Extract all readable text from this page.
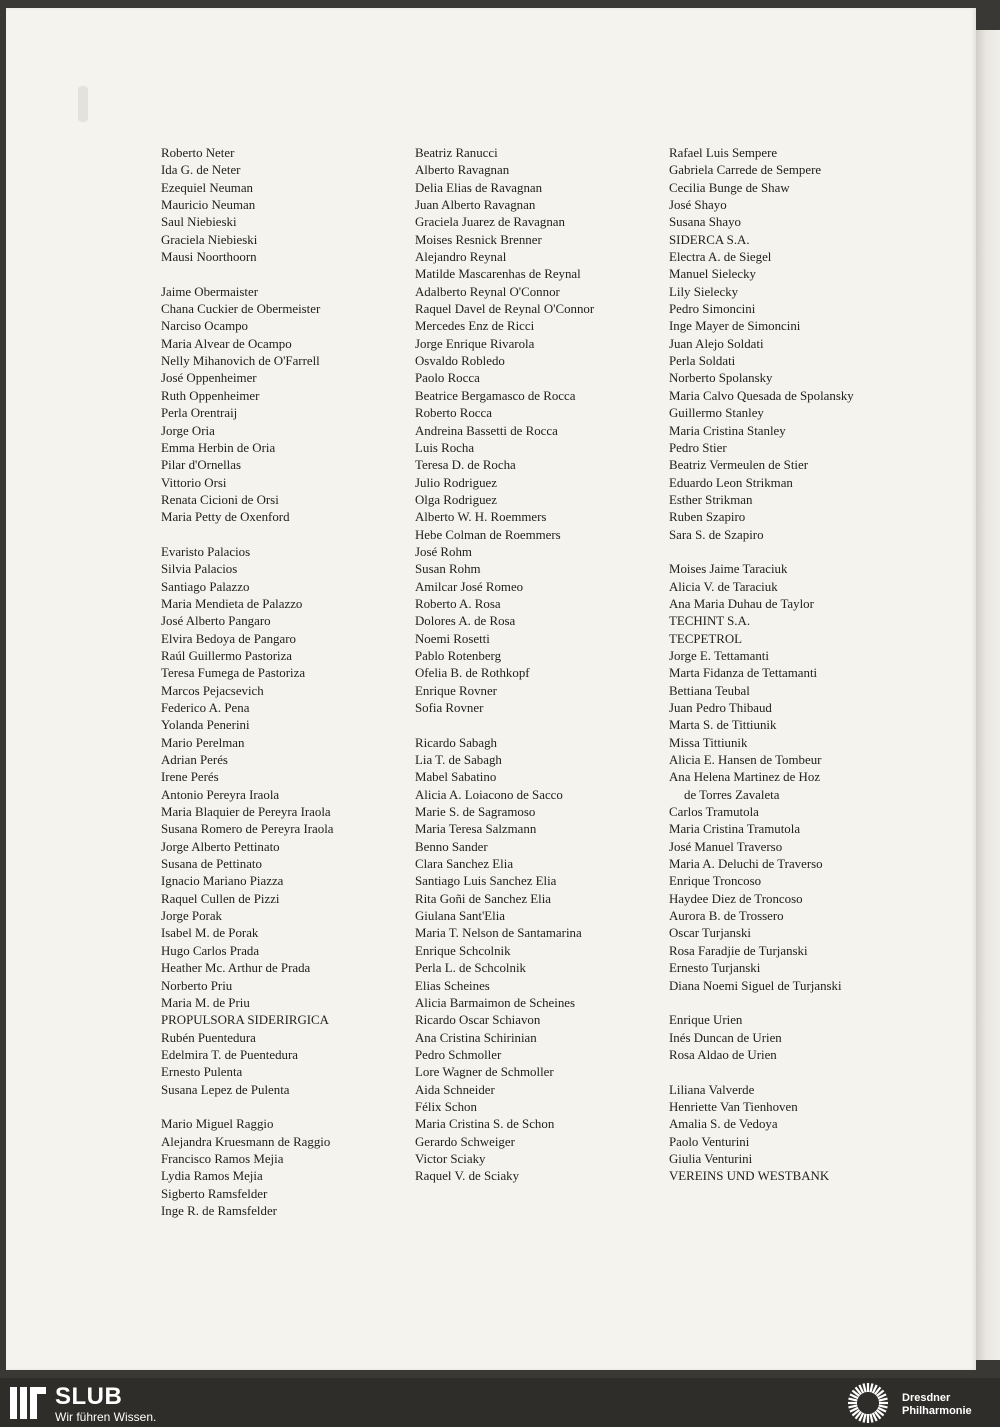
Roberto Neter
Ida G. de Neter
Ezequiel Neuman
Mauricio Neuman
Saul Niebieski
Graciela Niebieski
Mausi Noorthoorn
Jaime Obermaister
Chana Cuckier de Obermeister
Narciso Ocampo
Maria Alvear de Ocampo
Nelly Mihanovich de O'Farrell
José Oppenheimer
Ruth Oppenheimer
Perla Orentraij
Jorge Oria
Emma Herbin de Oria
Pilar d'Ornellas
Vittorio Orsi
Renata Cicioni de Orsi
Maria Petty de Oxenford
Evaristo Palacios
Silvia Palacios
Santiago Palazzo
Maria Mendieta de Palazzo
José Alberto Pangaro
Elvira Bedoya de Pangaro
Raúl Guillermo Pastoriza
Teresa Fumega de Pastoriza
Marcos Pejacsevich
Federico A. Pena
Yolanda Penerini
Mario Perelman
Adrian Perés
Irene Perés
Antonio Pereyra Iraola
Maria Blaquier de Pereyra Iraola
Susana Romero de Pereyra Iraola
Jorge Alberto Pettinato
Susana de Pettinato
Ignacio Mariano Piazza
Raquel Cullen de Pizzi
Jorge Porak
Isabel M. de Porak
Hugo Carlos Prada
Heather Mc. Arthur de Prada
Norberto Priu
Maria M. de Priu
PROPULSORA SIDERIRGICA
Rubén Puentedura
Edelmira T. de Puentedura
Ernesto Pulenta
Susana Lepez de Pulenta
Mario Miguel Raggio
Alejandra Kruesmann de Raggio
Francisco Ramos Mejia
Lydia Ramos Mejia
Sigberto Ramsfelder
Inge R. de Ramsfelder
Beatriz Ranucci
Alberto Ravagnan
Delia Elias de Ravagnan
Juan Alberto Ravagnan
Graciela Juarez de Ravagnan
Moises Resnick Brenner
Alejandro Reynal
Matilde Mascarenhas de Reynal
Adalberto Reynal O'Connor
Raquel Davel de Reynal O'Connor
Mercedes Enz de Ricci
Jorge Enrique Rivarola
Osvaldo Robledo
Paolo Rocca
Beatrice Bergamasco de Rocca
Roberto Rocca
Andreina Bassetti de Rocca
Luis Rocha
Teresa D. de Rocha
Julio Rodriguez
Olga Rodriguez
Alberto W. H. Roemmers
Hebe Colman de Roemmers
José Rohm
Susan Rohm
Amilcar José Romeo
Roberto A. Rosa
Dolores A. de Rosa
Noemi Rosetti
Pablo Rotenberg
Ofelia B. de Rothkopf
Enrique Rovner
Sofia Rovner
Ricardo Sabagh
Lia T. de Sabagh
Mabel Sabatino
Alicia A. Loiacono de Sacco
Marie S. de Sagramoso
Maria Teresa Salzmann
Benno Sander
Clara Sanchez Elia
Santiago Luis Sanchez Elia
Rita Goñi de Sanchez Elia
Giulana Sant'Elia
Maria T. Nelson de Santamarina
Enrique Schcolnik
Perla L. de Schcolnik
Elias Scheines
Alicia Barmaimon de Scheines
Ricardo Oscar Schiavon
Ana Cristina Schirinian
Pedro Schmoller
Lore Wagner de Schmoller
Aida Schneider
Félix Schon
Maria Cristina S. de Schon
Gerardo Schweiger
Victor Sciaky
Raquel V. de Sciaky
Rafael Luis Sempere
Gabriela Carrede de Sempere
Cecilia Bunge de Shaw
José Shayo
Susana Shayo
SIDERCA S.A.
Electra A. de Siegel
Manuel Sielecky
Lily Sielecky
Pedro Simoncini
Inge Mayer de Simoncini
Juan Alejo Soldati
Perla Soldati
Norberto Spolansky
Maria Calvo Quesada de Spolansky
Guillermo Stanley
Maria Cristina Stanley
Pedro Stier
Beatriz Vermeulen de Stier
Eduardo Leon Strikman
Esther Strikman
Ruben Szapiro
Sara S. de Szapiro
Moises Jaime Taraciuk
Alicia V. de Taraciuk
Ana Maria Duhau de Taylor
TECHINT S.A.
TECPETROL
Jorge E. Tettamanti
Marta Fidanza de Tettamanti
Bettiana Teubal
Juan Pedro Thibaud
Marta S. de Tittiunik
Missa Tittiunik
Alicia E. Hansen de Tombeur
Ana Helena Martinez de Hoz
de Torres Zavaleta
Carlos Tramutola
Maria Cristina Tramutola
José Manuel Traverso
Maria A. Deluchi de Traverso
Enrique Troncoso
Haydee Diez de Troncoso
Aurora B. de Trossero
Oscar Turjanski
Rosa Faradjie de Turjanski
Ernesto Turjanski
Diana Noemi Siguel de Turjanski
Enrique Urien
Inés Duncan de Urien
Rosa Aldao de Urien
Liliana Valverde
Henriette Van Tienhoven
Amalia S. de Vedoya
Paolo Venturini
Giulia Venturini
VEREINS UND WESTBANK
SLUB
Wir führen Wissen.
Dresdner
Philharmonie
